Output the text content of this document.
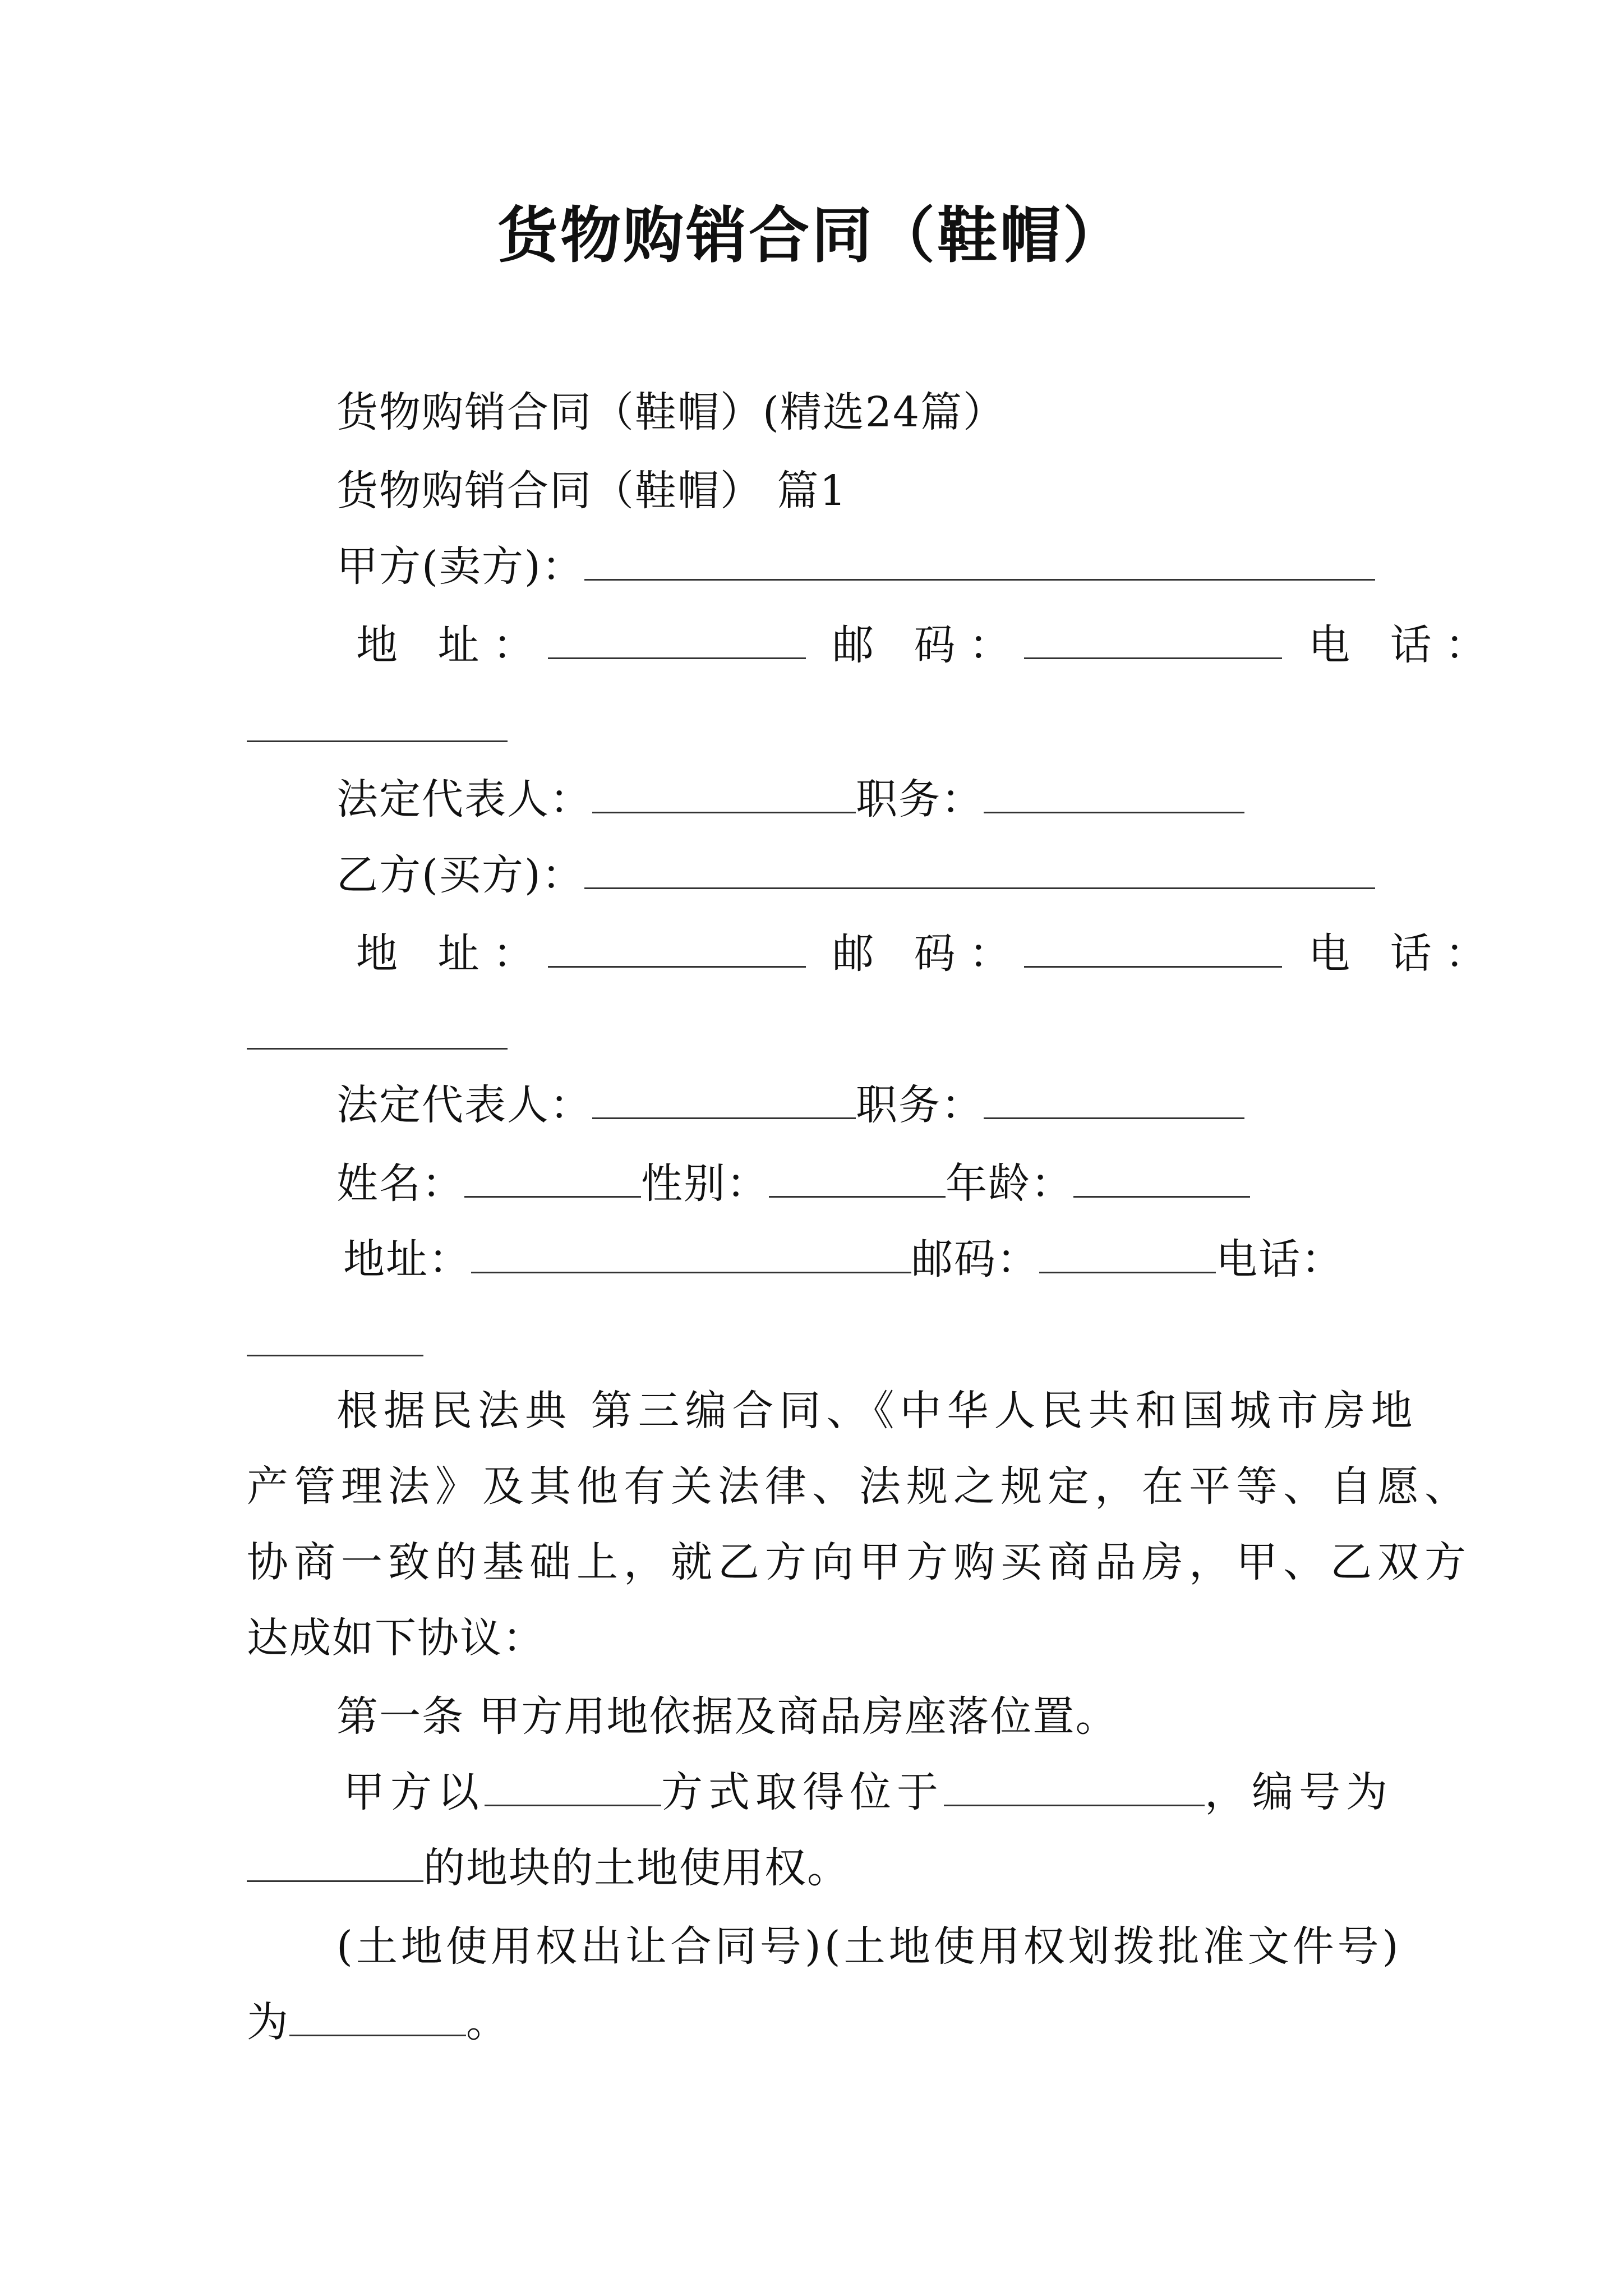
货物购销合同（鞋帽）
货物购销合同（鞋帽）(精选24篇）
货物购销合同（鞋帽） 篇1
甲方(卖方)：
地 址：	邮 码：	电 话：
法定代表人：	职务：
乙方(买方)：
地 址：	邮 码：	电 话：
法定代表人：	职务：
姓名：	性别：	年龄：
地址：	邮码：	电话：
根据民法典 第三编合同、《中华人民共和国城市房地
产管理法》及其他有关法律、法规之规定，在平等、自愿、
协商一致的基础上，就乙方向甲方购买商品房，甲、乙双方
达成如下协议：
第一条 甲方用地依据及商品房座落位置。
甲方以	方式取得位于	，编号为
的地块的土地使用权。
(土地使用权出让合同号)(土地使用权划拨批准文件号)
为	。
